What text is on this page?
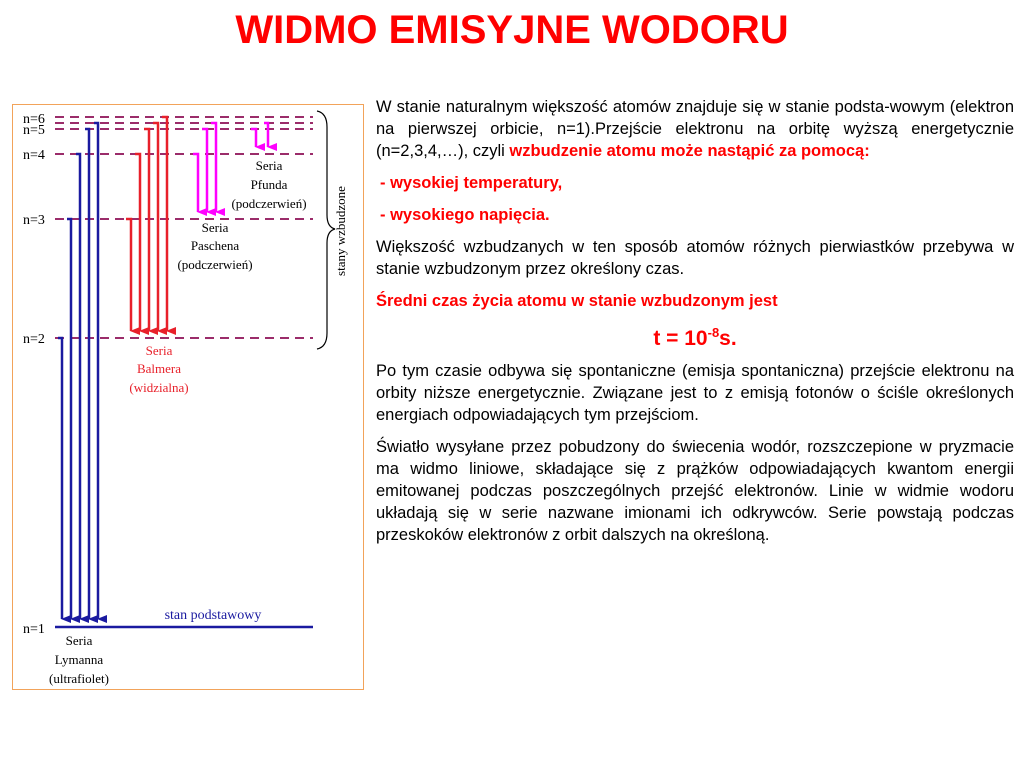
WIDMO EMISYJNE WODORU
n=6
n=5
n=4
n=3
n=2
n=1
stany wzbudzone
stan podstawowy
Seria
Lymanna
(ultrafiolet)
Seria
Balmera
(widzialna)
Seria
Paschena
(podczerwień)
Seria
Pfunda
(podczerwień)

W stanie naturalnym większość atomów znajduje się w stanie podsta-wowym (elektron na pierwszej orbicie, n=1).Przejście elektronu na orbitę wyższą energetycznie (n=2,3,4,…), czyli wzbudzenie atomu może nastąpić za pomocą:

- wysokiej temperatury,

- wysokiego napięcia.

Większość wzbudzanych w ten sposób atomów różnych pierwiastków przebywa w stanie wzbudzonym przez określony czas.

Średni czas życia atomu w stanie wzbudzonym jest

$t = 10^{-8}s$.

Po tym czasie odbywa się spontaniczne (emisja spontaniczna) przejście elektronu na orbity niższe energetycznie. Związane jest to z emisją fotonów o ściśle określonych energiach odpowiadających tym przejściom.

Światło wysyłane przez pobudzony do świecenia wodór, rozszczepione w pryzmacie ma widmo liniowe, składające się z prążków odpowiadających kwantom energii emitowanej podczas poszczególnych przejść elektronów. Linie w widmie wodoru układają się w serie nazwane imionami ich odkrywców. Serie powstają podczas przeskoków elektronów z orbit dalszych na określoną.
